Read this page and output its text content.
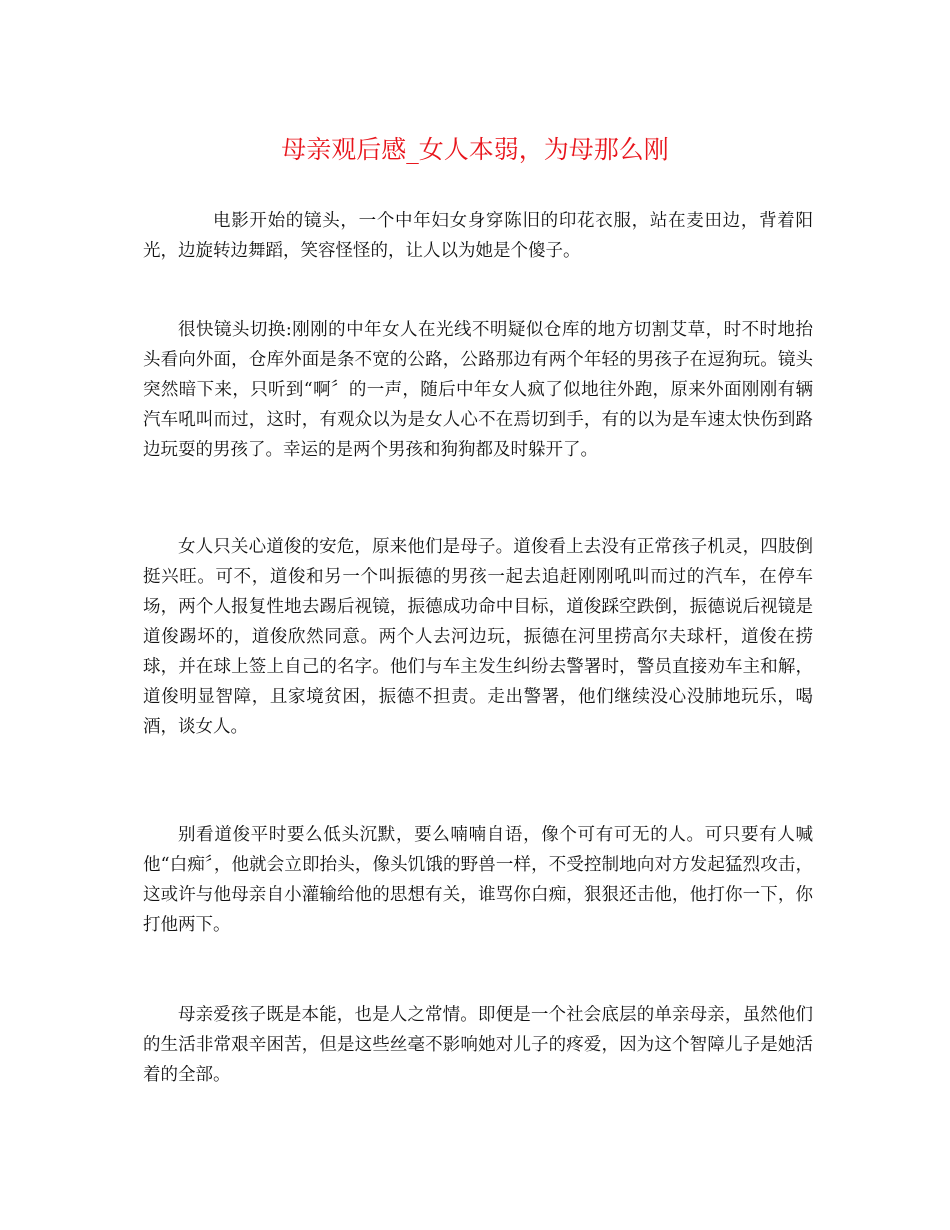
母亲观后感_女人本弱，为母那么刚

电影开始的镜头，一个中年妇女身穿陈旧的印花衣服，站在麦田边，背着阳光，边旋转边舞蹈，笑容怪怪的，让人以为她是个傻子。

很快镜头切换:刚刚的中年女人在光线不明疑似仓库的地方切割艾草，时不时地抬头看向外面，仓库外面是条不宽的公路，公路那边有两个年轻的男孩子在逗狗玩。镜头突然暗下来，只听到“啊〞的一声，随后中年女人疯了似地往外跑，原来外面刚刚有辆汽车吼叫而过，这时，有观众以为是女人心不在焉切到手，有的以为是车速太快伤到路边玩耍的男孩了。幸运的是两个男孩和狗狗都及时躲开了。

女人只关心道俊的安危，原来他们是母子。道俊看上去没有正常孩子机灵，四肢倒挺兴旺。可不，道俊和另一个叫振德的男孩一起去追赶刚刚吼叫而过的汽车，在停车场，两个人报复性地去踢后视镜，振德成功命中目标，道俊踩空跌倒，振德说后视镜是道俊踢坏的，道俊欣然同意。两个人去河边玩，振德在河里捞高尔夫球杆，道俊在捞球，并在球上签上自己的名字。他们与车主发生纠纷去警署时，警员直接劝车主和解，道俊明显智障，且家境贫困，振德不担责。走出警署，他们继续没心没肺地玩乐，喝酒，谈女人。

别看道俊平时要么低头沉默，要么喃喃自语，像个可有可无的人。可只要有人喊他“白痴〞，他就会立即抬头，像头饥饿的野兽一样，不受控制地向对方发起猛烈攻击，这或许与他母亲自小灌输给他的思想有关，谁骂你白痴，狠狠还击他，他打你一下，你打他两下。

母亲爱孩子既是本能，也是人之常情。即便是一个社会底层的单亲母亲，虽然他们的生活非常艰辛困苦，但是这些丝毫不影响她对儿子的疼爱，因为这个智障儿子是她活着的全部。
